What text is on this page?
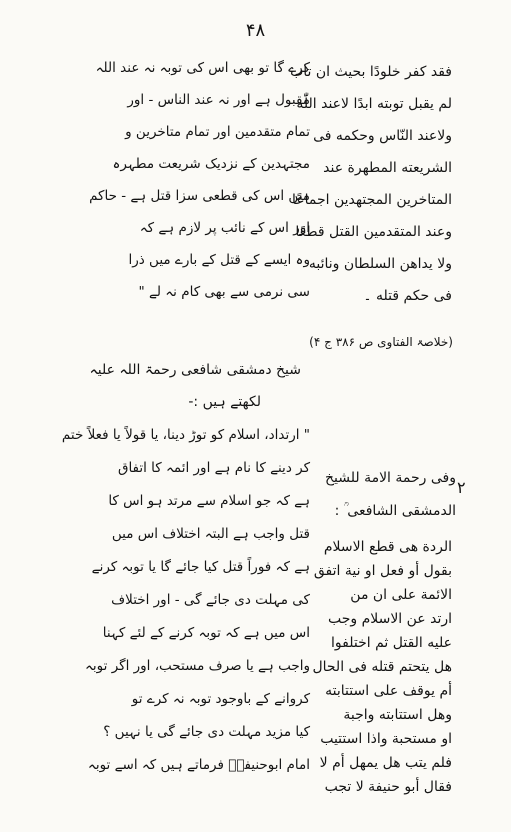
۴۸
کرے گا تو بھی اس کی توبہ نہ عند اللہ
مقبول ہے اور نہ عند الناس - اور
تمام متقدمین اور تمام متاخرین و
مجتہدین کے نزدیک شریعت مطہرہ
میں اس کی قطعی سزا قتل ہے - حاکم
اور اس کے نائب پر لازم ہے کہ
وہ ایسے کے قتل کے بارے میں ذرا
سی نرمی سے بھی کام نہ لے "
فقد کفر خلودًا بحیث ان تاب
لم یقبل توبته ابدًا لاعند اللّٰه
ولاعند النّاس وحکمه فی
الشریعته المطهرة عند
المتاخرین المجتهدین اجماعًا
وعند المتقدمین القتل قطعًا
ولا یداهن السلطان ونائبه
فی حکم قتله ۔
(خلاصۃ الفتاوی ص ۳۸۶ ج ۴)
۲
وفی رحمة الامة للشیخ
الدمشقی الشافعی ؒ :
شیخ دمشقی شافعی رحمۃ اللہ علیہ
لکھتے ہیں :-
" ارتداد، اسلام کو توڑ دینا، یا قولاً یا فعلاً ختم
کر دینے کا نام ہے اور ائمہ کا اتفاق
ہے کہ جو اسلام سے مرتد ہو اس کا
قتل واجب ہے البتہ اختلاف اس میں
ہے کہ فوراً قتل کیا جائے گا یا توبہ کرنے
کی مہلت دی جائے گی - اور اختلاف
اس میں ہے کہ توبہ کرنے کے لئے کہنا
واجب ہے یا صرف مستحب، اور اگر توبہ
کروانے کے باوجود توبہ نہ کرے تو
کیا مزید مہلت دی جائے گی یا نہیں ؟
امام ابوحنیفہؒ فرماتے ہیں کہ اسے توبہ
الردة هی قطع الاسلام
بقول أو فعل او نیة اتفق
الائمة علی ان من
ارتد عن الاسلام وجب
علیه القتل ثم اختلفوا
هل یتحتم قتله فی الحال
أم یوقف علی استتابته
وهل استتابته واجبة
او مستحبة واذا استتیب
فلم یتب هل یمهل أم لا
فقال أبو حنیفة لا تجب
